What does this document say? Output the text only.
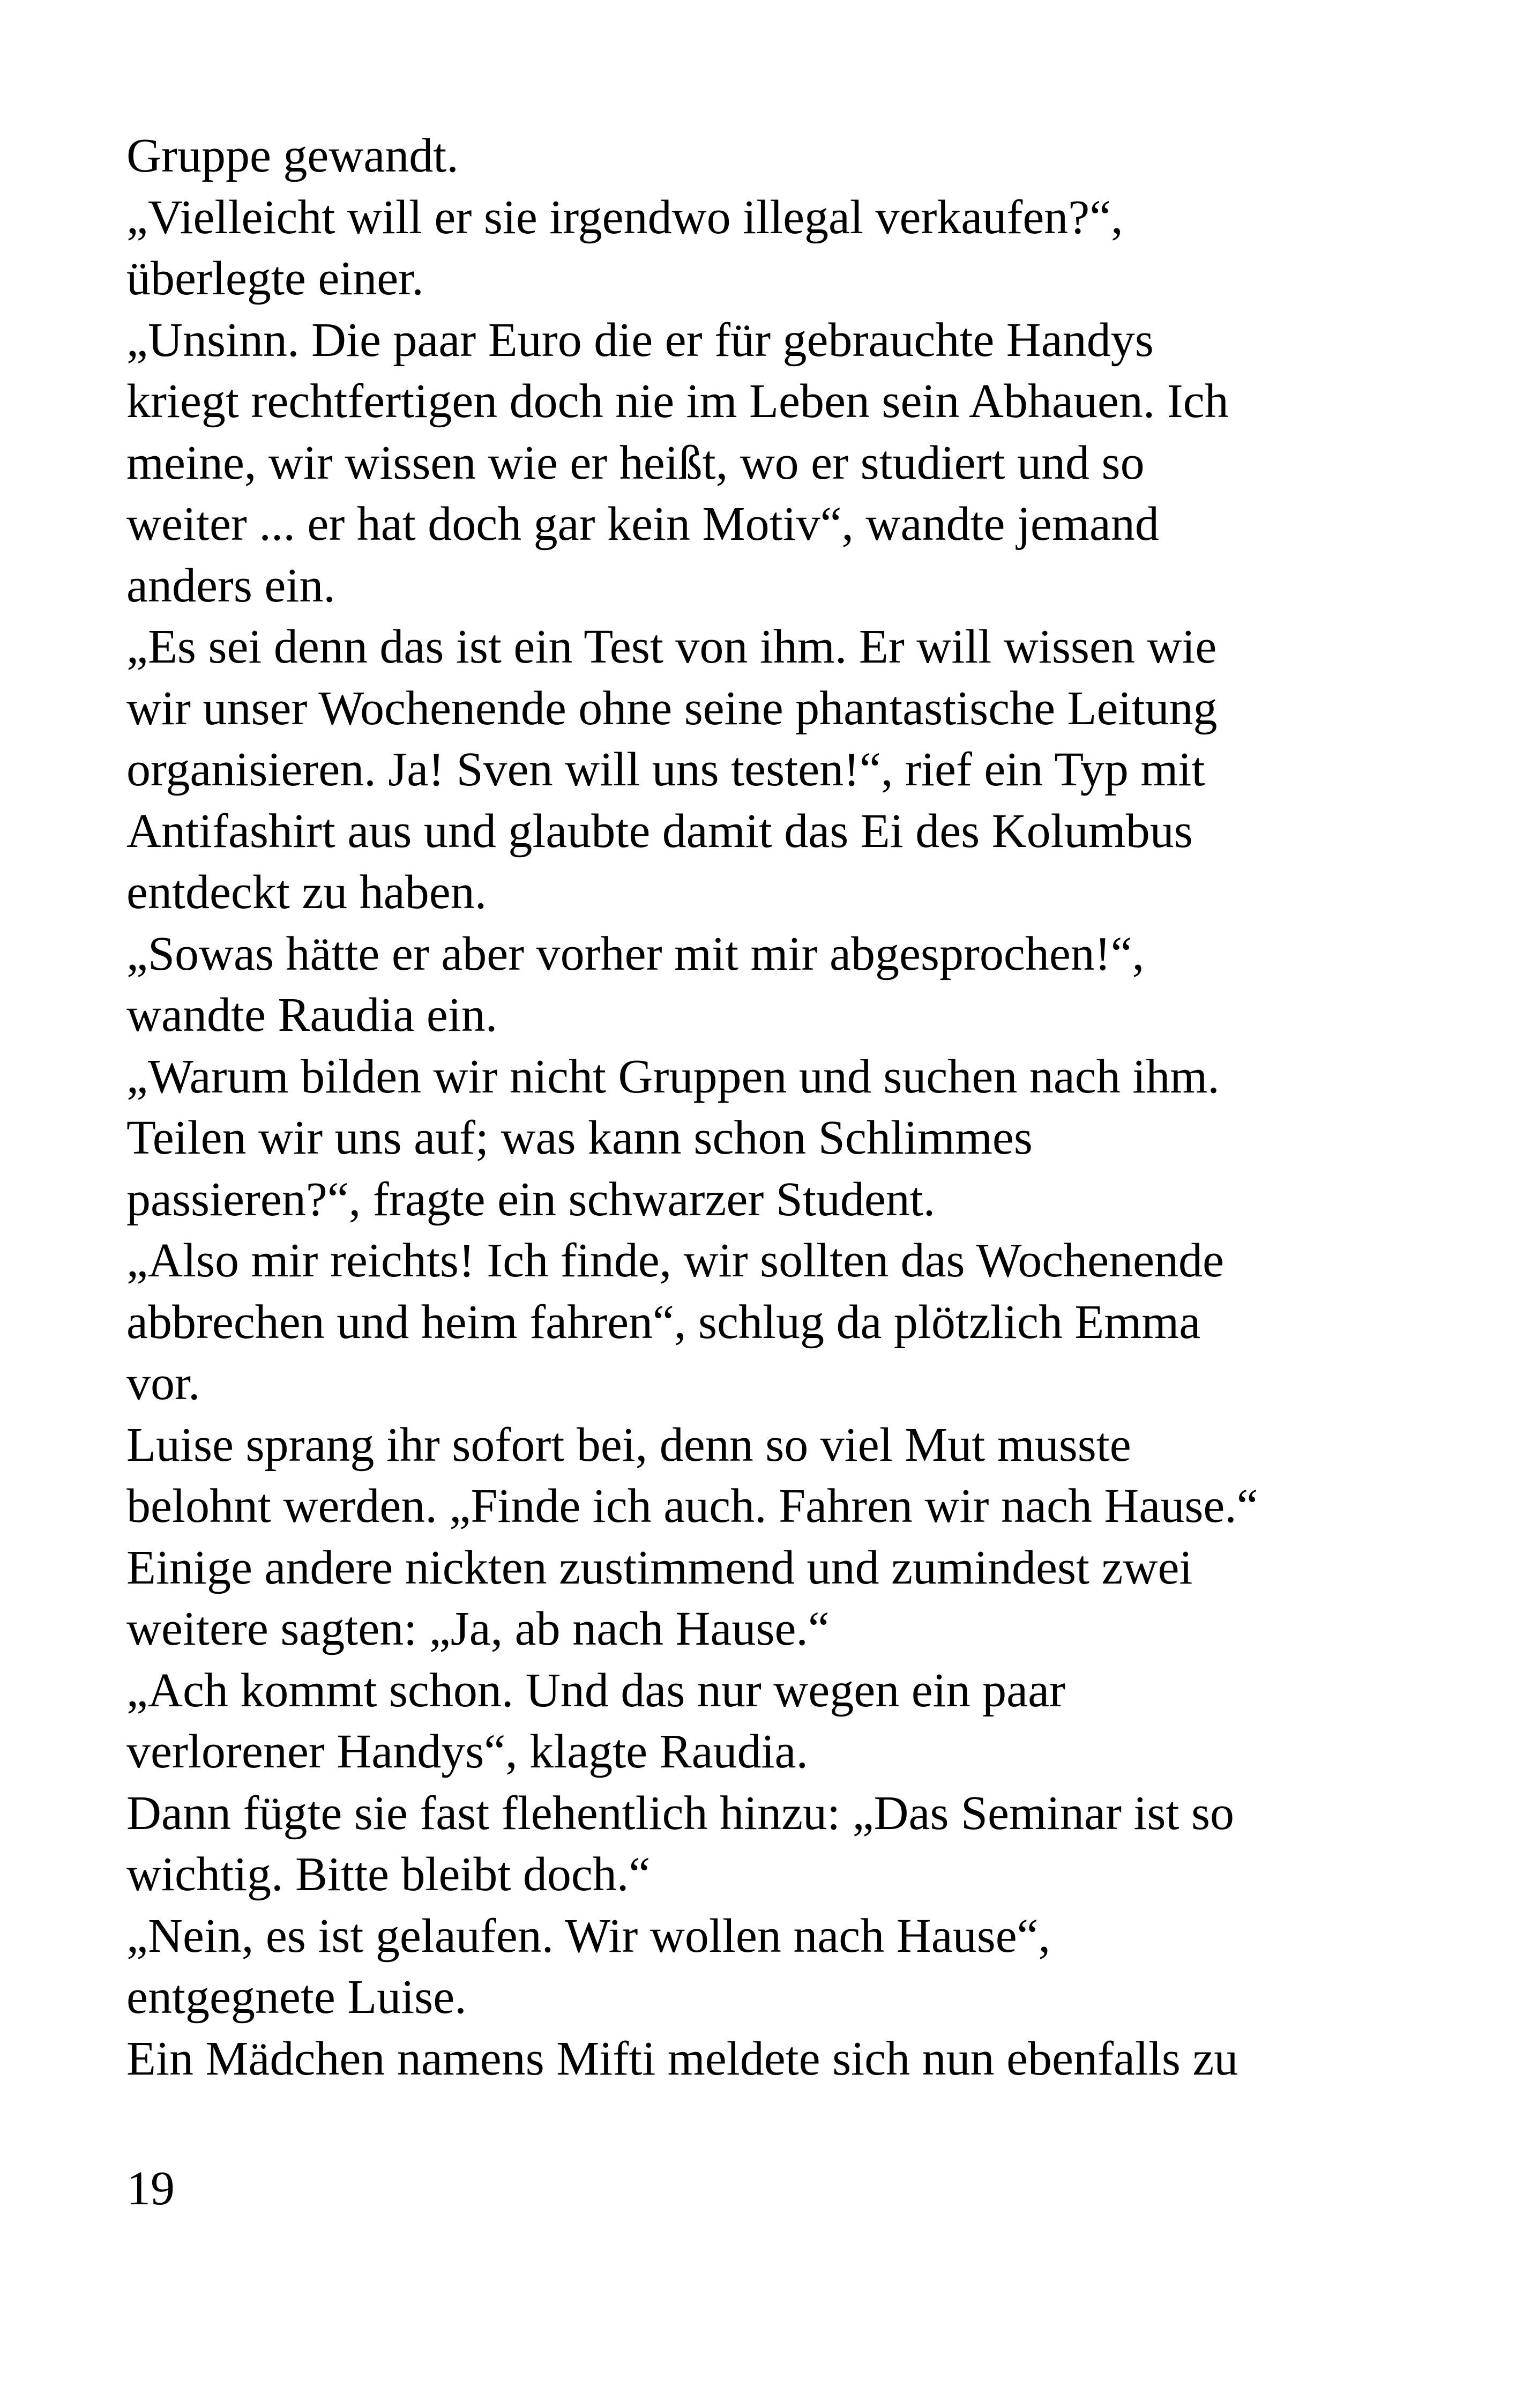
Gruppe gewandt.
„Vielleicht will er sie irgendwo illegal verkaufen?“,
überlegte einer.
„Unsinn. Die paar Euro die er für gebrauchte Handys
kriegt rechtfertigen doch nie im Leben sein Abhauen. Ich
meine, wir wissen wie er heißt, wo er studiert und so
weiter ... er hat doch gar kein Motiv“, wandte jemand
anders ein.
„Es sei denn das ist ein Test von ihm. Er will wissen wie
wir unser Wochenende ohne seine phantastische Leitung
organisieren. Ja! Sven will uns testen!“, rief ein Typ mit
Antifashirt aus und glaubte damit das Ei des Kolumbus
entdeckt zu haben.
„Sowas hätte er aber vorher mit mir abgesprochen!“,
wandte Raudia ein.
„Warum bilden wir nicht Gruppen und suchen nach ihm.
Teilen wir uns auf; was kann schon Schlimmes
passieren?“, fragte ein schwarzer Student.
„Also mir reichts! Ich finde, wir sollten das Wochenende
abbrechen und heim fahren“, schlug da plötzlich Emma
vor.
Luise sprang ihr sofort bei, denn so viel Mut musste
belohnt werden. „Finde ich auch. Fahren wir nach Hause.“
Einige andere nickten zustimmend und zumindest zwei
weitere sagten: „Ja, ab nach Hause.“
„Ach kommt schon. Und das nur wegen ein paar
verlorener Handys“, klagte Raudia.
Dann fügte sie fast flehentlich hinzu: „Das Seminar ist so
wichtig. Bitte bleibt doch.“
„Nein, es ist gelaufen. Wir wollen nach Hause“,
entgegnete Luise.
Ein Mädchen namens Mifti meldete sich nun ebenfalls zu
19
